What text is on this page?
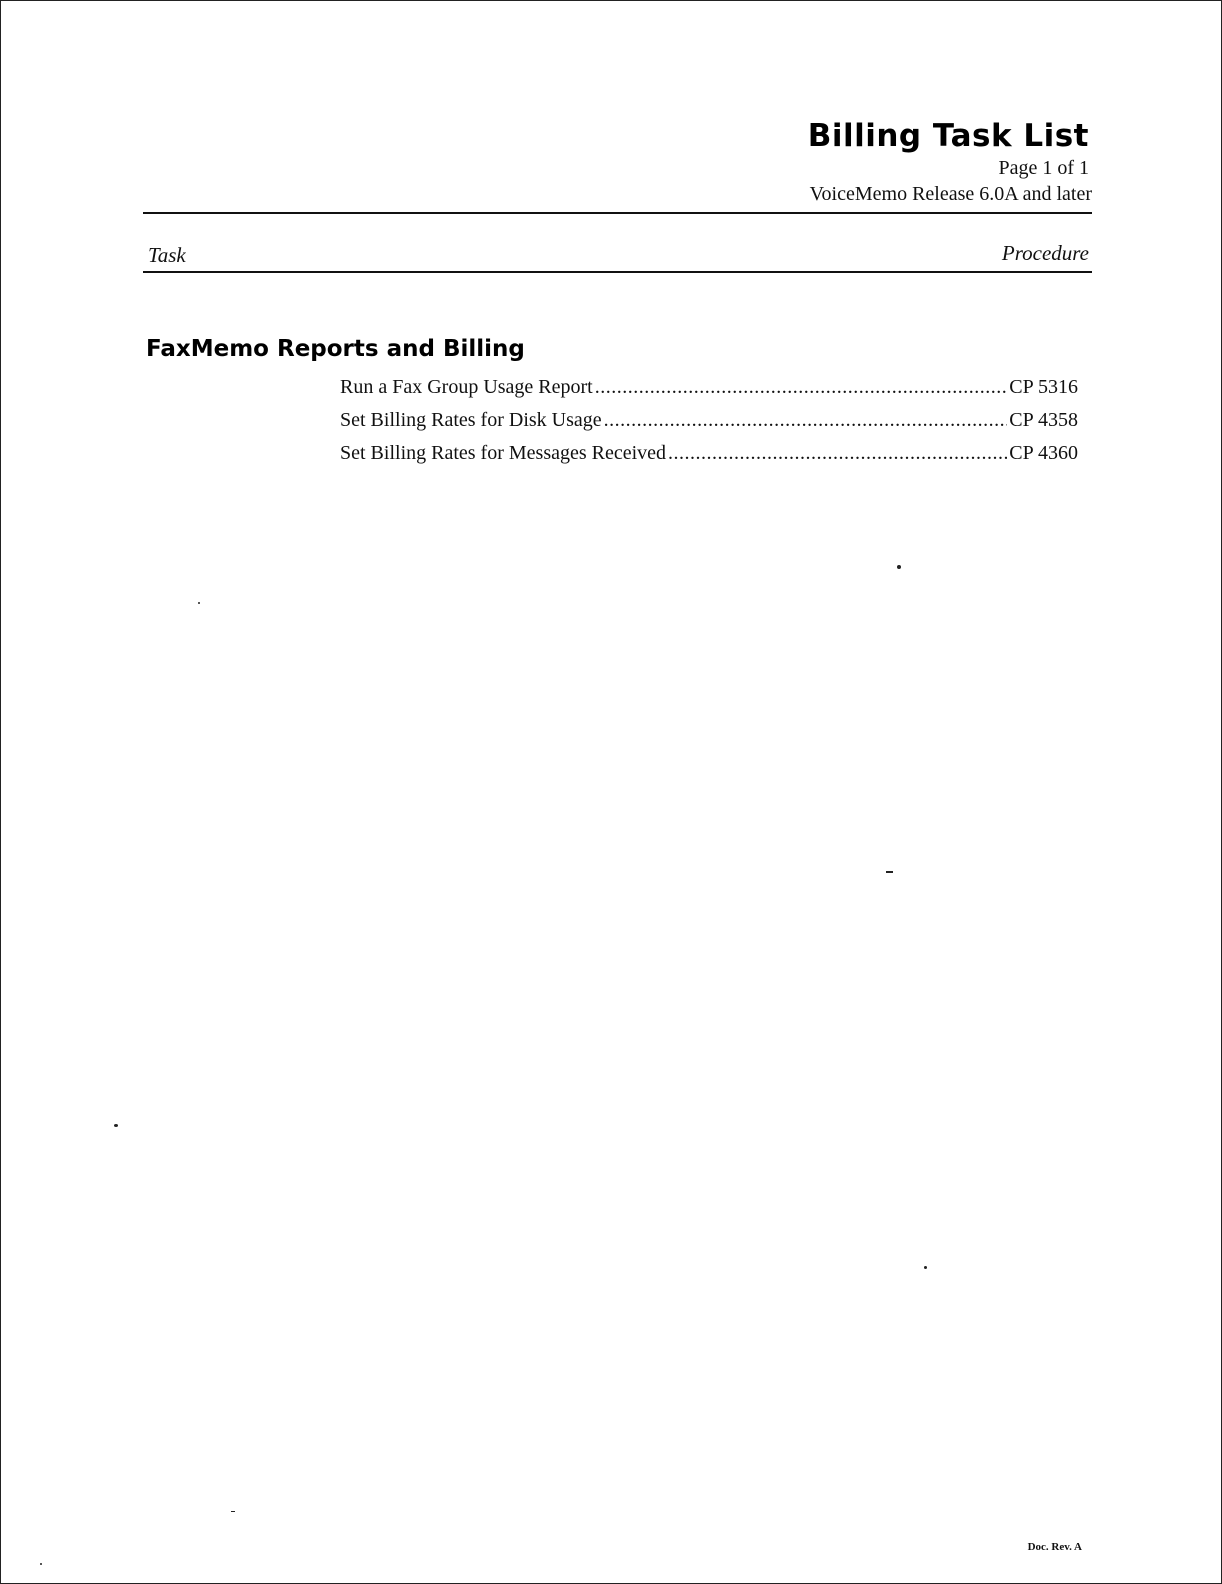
Billing Task List
Page 1 of 1
VoiceMemo Release 6.0A and later
Task	Procedure
FaxMemo Reports and Billing
Run a Fax Group Usage Report .....	CP 5316
Set Billing Rates for Disk Usage .....	CP 4358
Set Billing Rates for Messages Received .....	CP 4360
Doc. Rev. A
